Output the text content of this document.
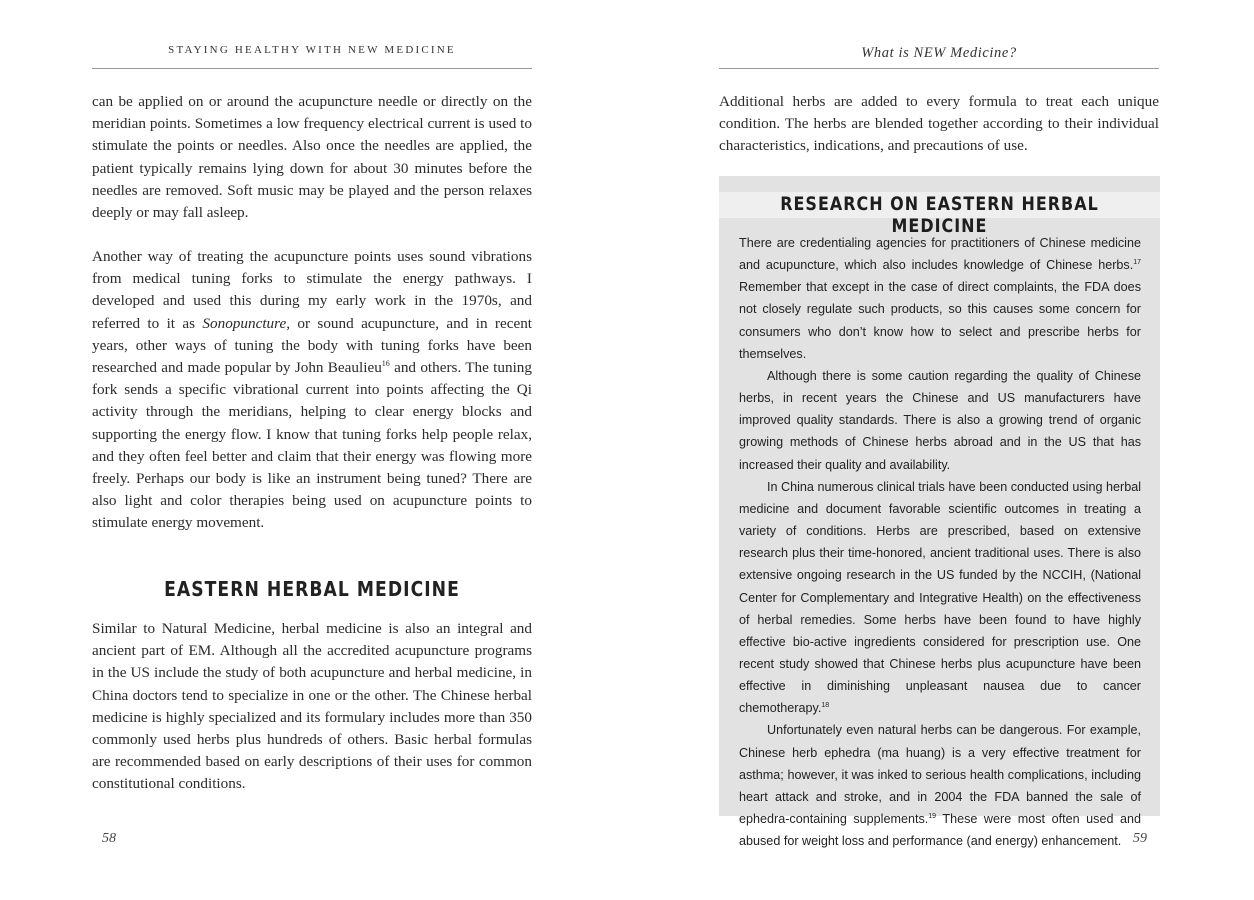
STAYING HEALTHY WITH NEW MEDICINE

can be applied on or around the acupuncture needle or directly on the meridian points. Sometimes a low frequency electrical current is used to stimulate the points or needles. Also once the needles are applied, the patient typically remains lying down for about 30 minutes before the needles are removed. Soft music may be played and the person relaxes deeply or may fall asleep.

Another way of treating the acupuncture points uses sound vibrations from medical tuning forks to stimulate the energy pathways. I developed and used this during my early work in the 1970s, and referred to it as Sonopuncture, or sound acupuncture, and in recent years, other ways of tuning the body with tuning forks have been researched and made popular by John Beaulieu$^{16}$ and others. The tuning fork sends a specific vibrational current into points affecting the Qi activity through the meridians, helping to clear energy blocks and supporting the energy flow. I know that tuning forks help people relax, and they often feel better and claim that their energy was flowing more freely. Perhaps our body is like an instrument being tuned? There are also light and color therapies being used on acupuncture points to stimulate energy movement.

EASTERN HERBAL MEDICINE

Similar to Natural Medicine, herbal medicine is also an integral and ancient part of EM. Although all the accredited acupuncture programs in the US include the study of both acupuncture and herbal medicine, in China doctors tend to specialize in one or the other. The Chinese herbal medicine is highly specialized and its formulary includes more than 350 commonly used herbs plus hundreds of others. Basic herbal formulas are recommended based on early descriptions of their uses for common constitutional conditions.

58
What is NEW Medicine?

Additional herbs are added to every formula to treat each unique condition. The herbs are blended together according to their individual characteristics, indications, and precautions of use.

RESEARCH ON EASTERN HERBAL MEDICINE

There are credentialing agencies for practitioners of Chinese medicine and acupuncture, which also includes knowledge of Chinese herbs.$^{17}$ Remember that except in the case of direct complaints, the FDA does not closely regulate such products, so this causes some concern for consumers who don’t know how to select and prescribe herbs for themselves.

Although there is some caution regarding the quality of Chinese herbs, in recent years the Chinese and US manufacturers have improved quality standards. There is also a growing trend of organic growing methods of Chinese herbs abroad and in the US that has increased their quality and availability.

In China numerous clinical trials have been conducted using herbal medicine and document favorable scientific outcomes in treating a variety of conditions. Herbs are prescribed, based on extensive research plus their time-honored, ancient traditional uses. There is also extensive ongoing research in the US funded by the NCCIH, (National Center for Complementary and Integrative Health) on the effectiveness of herbal remedies. Some herbs have been found to have highly effective bio-active ingredients considered for prescription use. One recent study showed that Chinese herbs plus acupuncture have been effective in diminishing unpleasant nausea due to cancer chemotherapy.$^{18}$

Unfortunately even natural herbs can be dangerous. For example, Chinese herb ephedra (ma huang) is a very effective treatment for asthma; however, it was inked to serious health complications, including heart attack and stroke, and in 2004 the FDA banned the sale of ephedra-containing supplements.$^{19}$ These were most often used and abused for weight loss and performance (and energy) enhancement. 59
